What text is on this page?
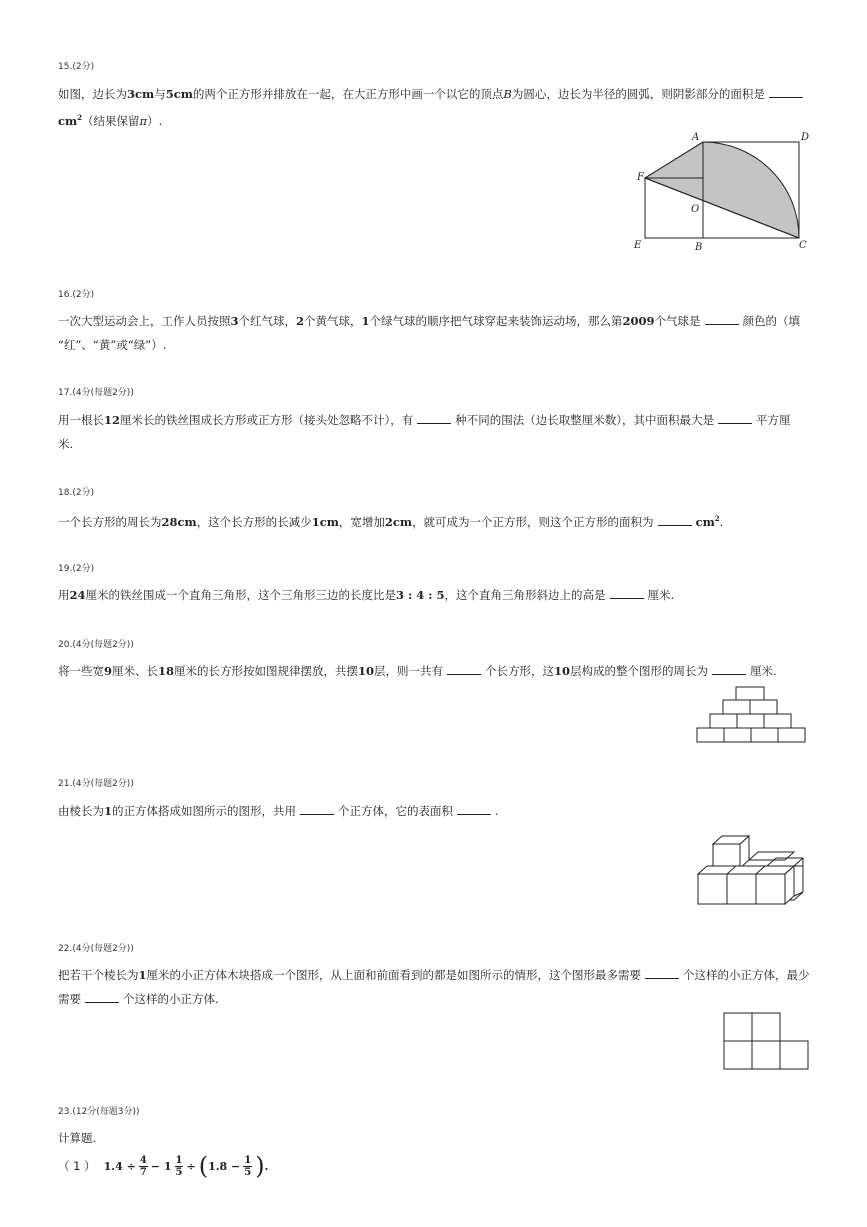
15.(2分)
如图，边长为3cm与5cm的两个正方形并排放在一起，在大正方形中画一个以它的顶点B为圆心，边长为半径的圆弧，则阴影部分的面积是
$cm^2$（结果保留π）.
A	D
F
O
E	B	C
16.(2分)
一次大型运动会上，工作人员按照3个红气球，2个黄气球，1个绿气球的顺序把气球穿起来装饰运动场，那么第2009个气球是	颜色的（填
“红”、“黄”或“绿”）.
17.(4分(每题2分))
用一根长12厘米长的铁丝围成长方形或正方形（接头处忽略不计），有	种不同的围法（边长取整厘米数），其中面积最大是	平方厘
米.
18.(2分)
一个长方形的周长为28cm，这个长方形的长减少1cm，宽增加2cm，就可成为一个正方形，则这个正方形的面积为	$cm^2$.
19.(2分)
用24厘米的铁丝围成一个直角三角形，这个三角形三边的长度比是3 : 4 : 5，这个直角三角形斜边上的高是	厘米.
20.(4分(每题2分))
将一些宽9厘米、长18厘米的长方形按如图规律摆放，共摆10层，则一共有	个长方形，这10层构成的整个图形的周长为	厘米.
21.(4分(每题2分))
由棱长为1的正方体搭成如图所示的图形，共用	个正方体，它的表面积	.
22.(4分(每题2分))
把若干个棱长为1厘米的小正方体木块搭成一个图形，从上面和前面看到的都是如图所示的情形，这个图形最多需要	个这样的小正方体，最少
需要	个这样的小正方体.
23.(12分(每题3分))
计算题.
（ 1 ） $1.4 \div \frac{4}{7} - 1 \frac{1}{5}$ ÷ ( $1.8 - \frac{1}{5}$ ) .
